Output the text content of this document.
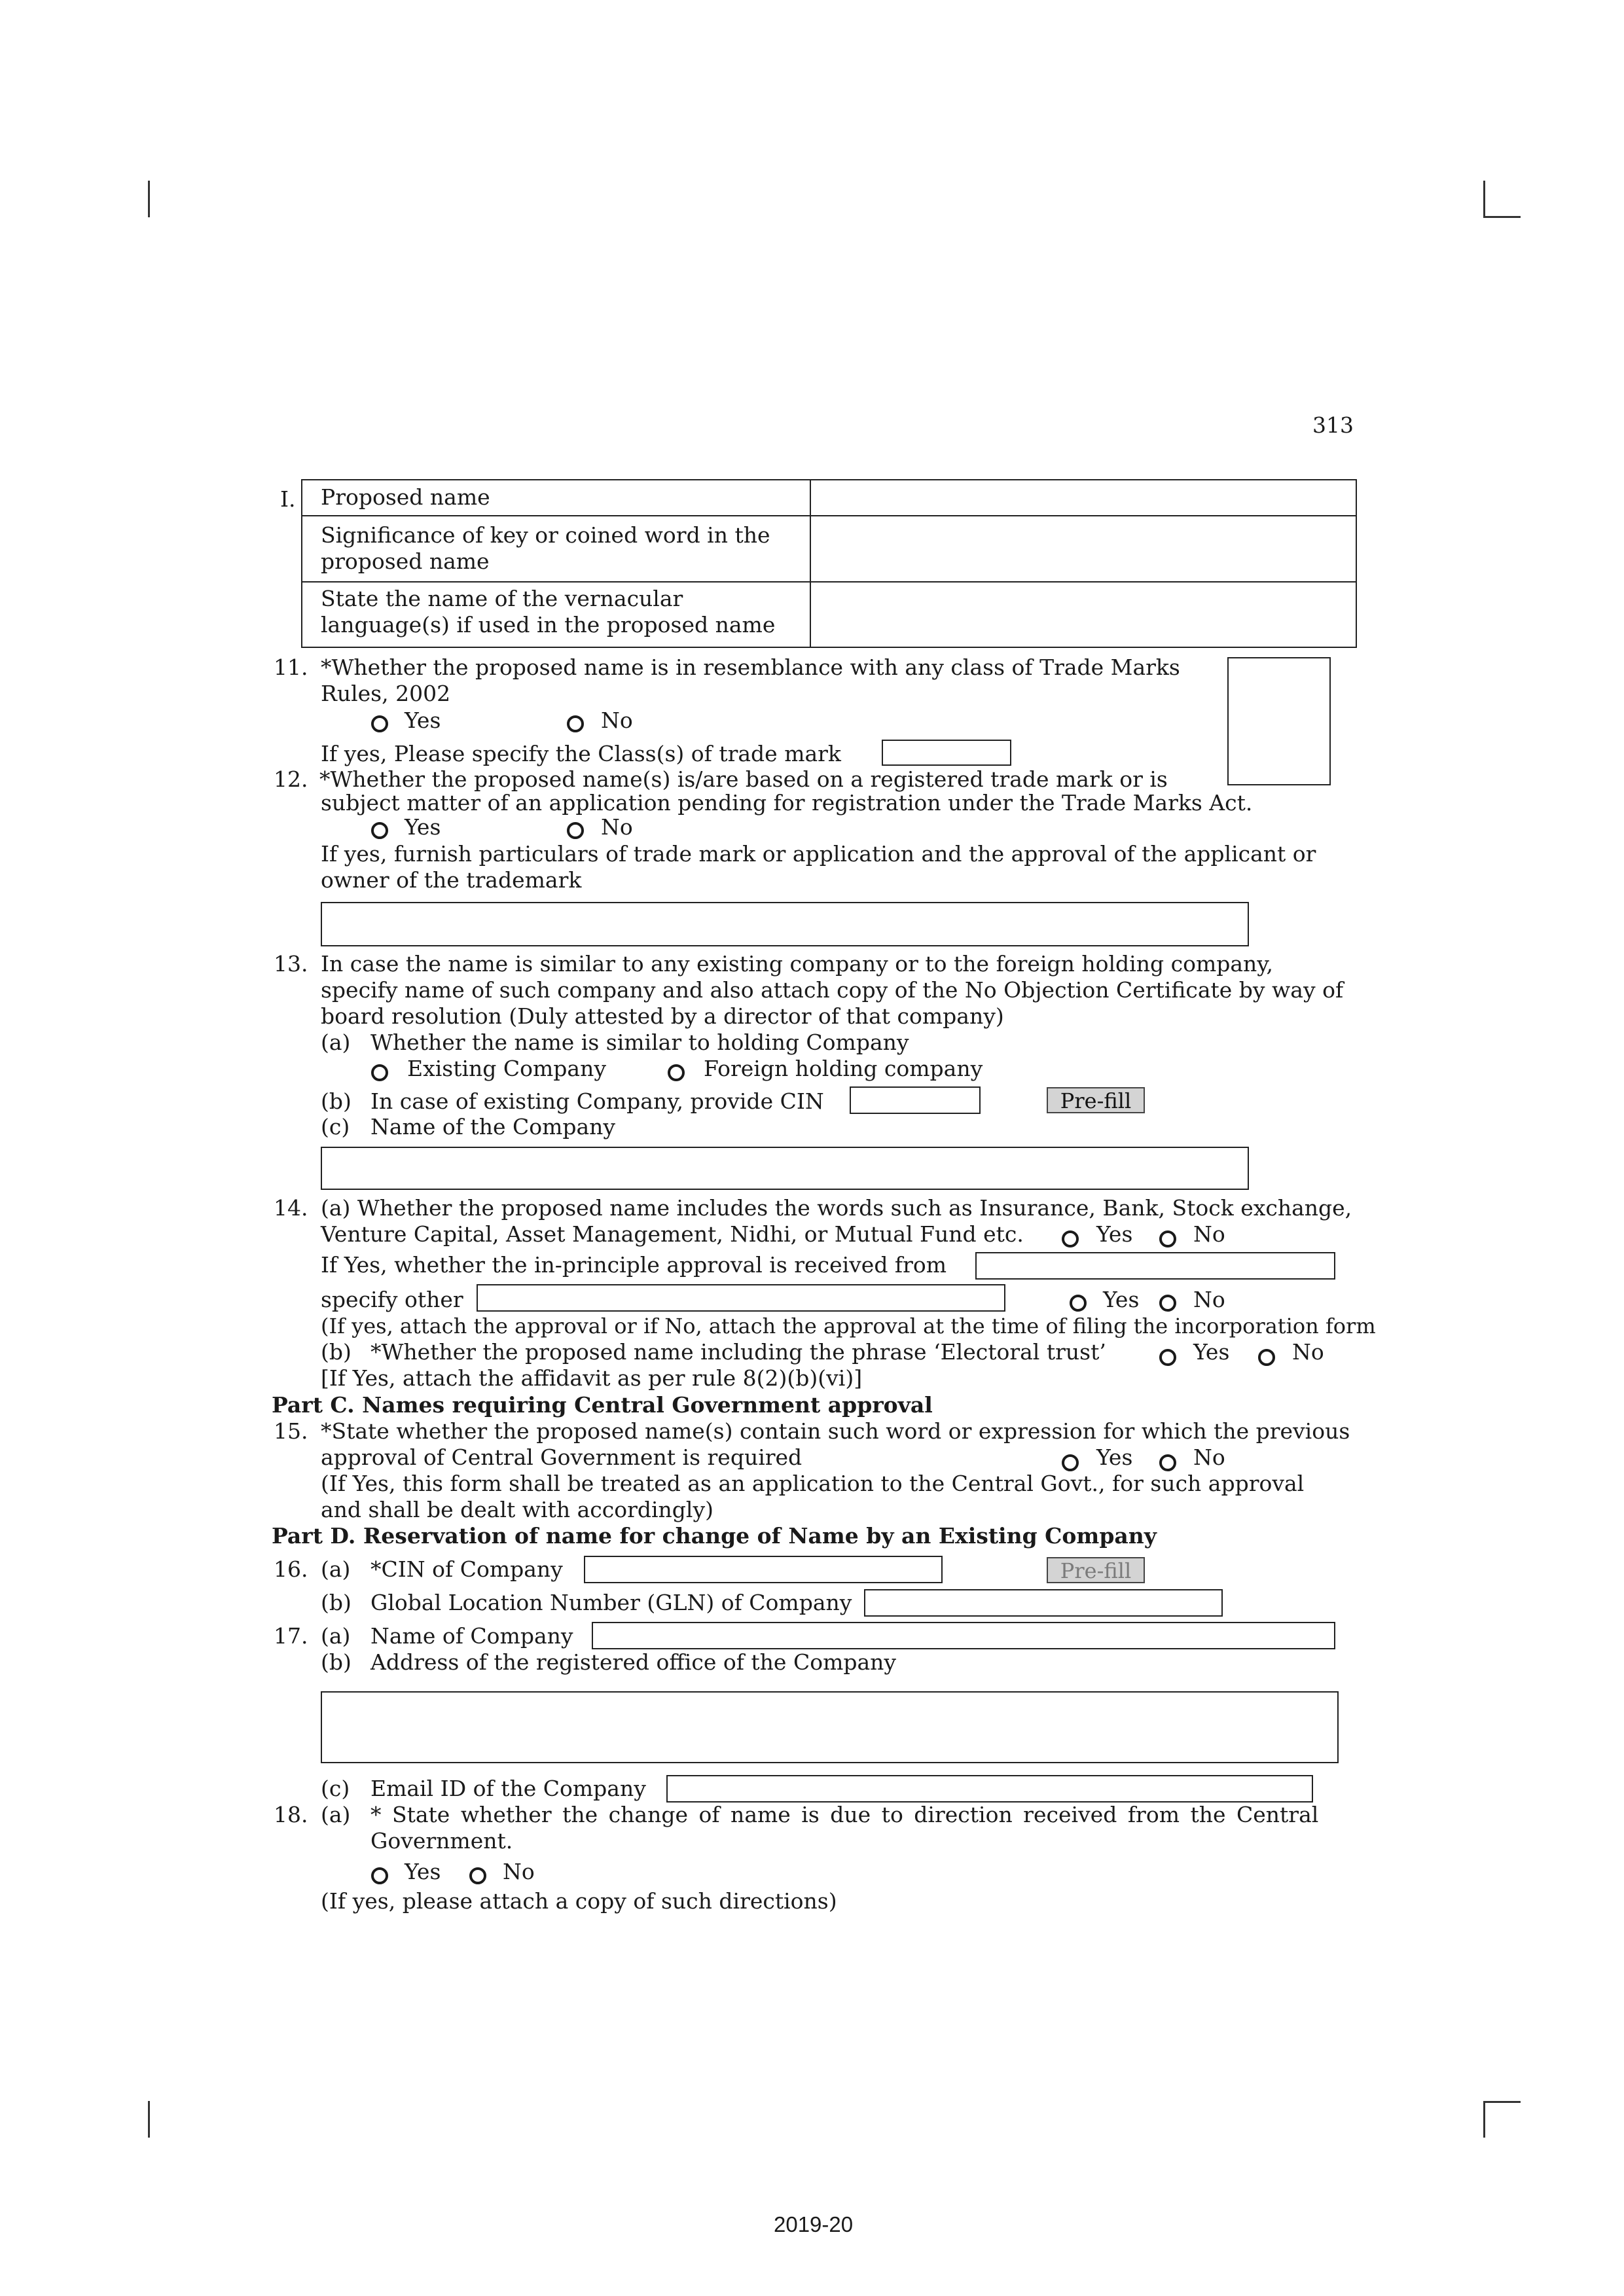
313
I. Proposed name
Significance of key or coined word in the
proposed name
State the name of the vernacular
language(s) if used in the proposed name
11. *Whether the proposed name is in resemblance with any class of Trade Marks
Rules, 2002
Yes	No
If yes, Please specify the Class(s) of trade mark
12. *Whether the proposed name(s) is/are based on a registered trade mark or is
subject matter of an application pending for registration under the Trade Marks Act.
Yes	No
If yes, furnish particulars of trade mark or application and the approval of the applicant or
owner of the trademark
13. In case the name is similar to any existing company or to the foreign holding company,
specify name of such company and also attach copy of the No Objection Certificate by way of
board resolution (Duly attested by a director of that company)
(a) Whether the name is similar to holding Company
Existing Company	Foreign holding company
(b) In case of existing Company, provide CIN	Pre-fill
(c) Name of the Company
14. (a) Whether the proposed name includes the words such as Insurance, Bank, Stock exchange,
Venture Capital, Asset Management, Nidhi, or Mutual Fund etc.	Yes	No
If Yes, whether the in-principle approval is received from
specify other	Yes	No
(If yes, attach the approval or if No, attach the approval at the time of filing the incorporation form
(b) *Whether the proposed name including the phrase ‘Electoral trust’	Yes	No
[If Yes, attach the affidavit as per rule 8(2)(b)(vi)]
Part C. Names requiring Central Government approval
15. *State whether the proposed name(s) contain such word or expression for which the previous
approval of Central Government is required	Yes	No
(If Yes, this form shall be treated as an application to the Central Govt., for such approval
and shall be dealt with accordingly)
Part D. Reservation of name for change of Name by an Existing Company
16. (a) *CIN of Company	Pre-fill
(b) Global Location Number (GLN) of Company
17. (a) Name of Company
(b) Address of the registered office of the Company
(c) Email ID of the Company
18. (a) * State whether the change of name is due to direction received from the Central
Government.
Yes	No
(If yes, please attach a copy of such directions)
2019-20
